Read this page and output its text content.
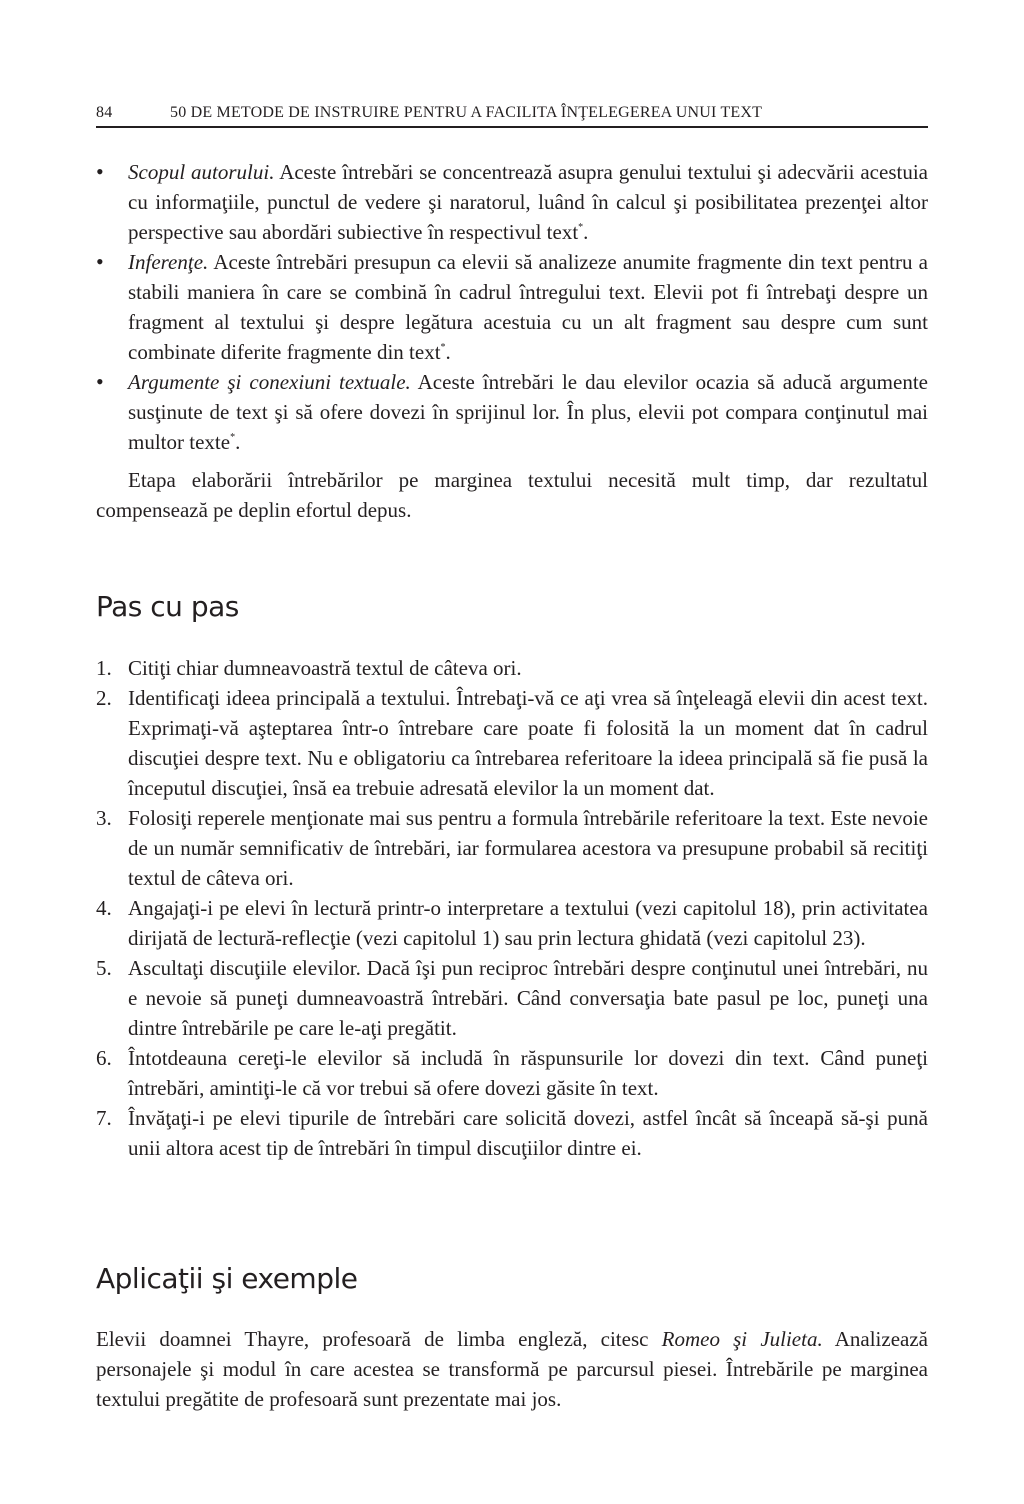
84	50 DE METODE DE INSTRUIRE PENTRU A FACILITA ÎNŢELEGEREA UNUI TEXT
• Scopul autorului. Aceste întrebări se concentrează asupra genului textului şi adecvării acestuia cu informaţiile, punctul de vedere şi naratorul, luând în calcul şi posibilitatea prezenţei altor perspective sau abordări subiective în respectivul text*.
• Inferenţe. Aceste întrebări presupun ca elevii să analizeze anumite fragmente din text pentru a stabili maniera în care se combină în cadrul întregului text. Elevii pot fi întrebaţi despre un fragment al textului şi despre legătura acestuia cu un alt fragment sau despre cum sunt combinate diferite fragmente din text*.
• Argumente şi conexiuni textuale. Aceste întrebări le dau elevilor ocazia să aducă argumente susţinute de text şi să ofere dovezi în sprijinul lor. În plus, elevii pot compara conţinutul mai multor texte*.

Etapa elaborării întrebărilor pe marginea textului necesită mult timp, dar rezultatul compensează pe deplin efortul depus.

Pas cu pas
1. Citiţi chiar dumneavoastră textul de câteva ori.
2. Identificaţi ideea principală a textului. Întrebaţi-vă ce aţi vrea să înţeleagă elevii din acest text. Exprimaţi-vă aşteptarea într-o întrebare care poate fi folosită la un moment dat în cadrul discuţiei despre text. Nu e obligatoriu ca întrebarea referitoare la ideea principală să fie pusă la începutul discuţiei, însă ea trebuie adresată elevilor la un moment dat.
3. Folosiţi reperele menţionate mai sus pentru a formula întrebările referitoare la text. Este nevoie de un număr semnificativ de întrebări, iar formularea acestora va presupune probabil să recitiţi textul de câteva ori.
4. Angajaţi-i pe elevi în lectură printr-o interpretare a textului (vezi capitolul 18), prin activitatea dirijată de lectură-reflecţie (vezi capitolul 1) sau prin lectura ghidată (vezi capitolul 23).
5. Ascultaţi discuţiile elevilor. Dacă îşi pun reciproc întrebări despre conţinutul unei întrebări, nu e nevoie să puneţi dumneavoastră întrebări. Când conversaţia bate pasul pe loc, puneţi una dintre întrebările pe care le-aţi pregătit.
6. Întotdeauna cereţi-le elevilor să includă în răspunsurile lor dovezi din text. Când puneţi întrebări, amintiţi-le că vor trebui să ofere dovezi găsite în text.
7. Învăţaţi-i pe elevi tipurile de întrebări care solicită dovezi, astfel încât să înceapă să-şi pună unii altora acest tip de întrebări în timpul discuţiilor dintre ei.
Aplicaţii şi exemple

Elevii doamnei Thayre, profesoară de limba engleză, citesc Romeo şi Julieta. Analizează personajele şi modul în care acestea se transformă pe parcursul piesei. Întrebările pe marginea textului pregătite de profesoară sunt prezentate mai jos.
